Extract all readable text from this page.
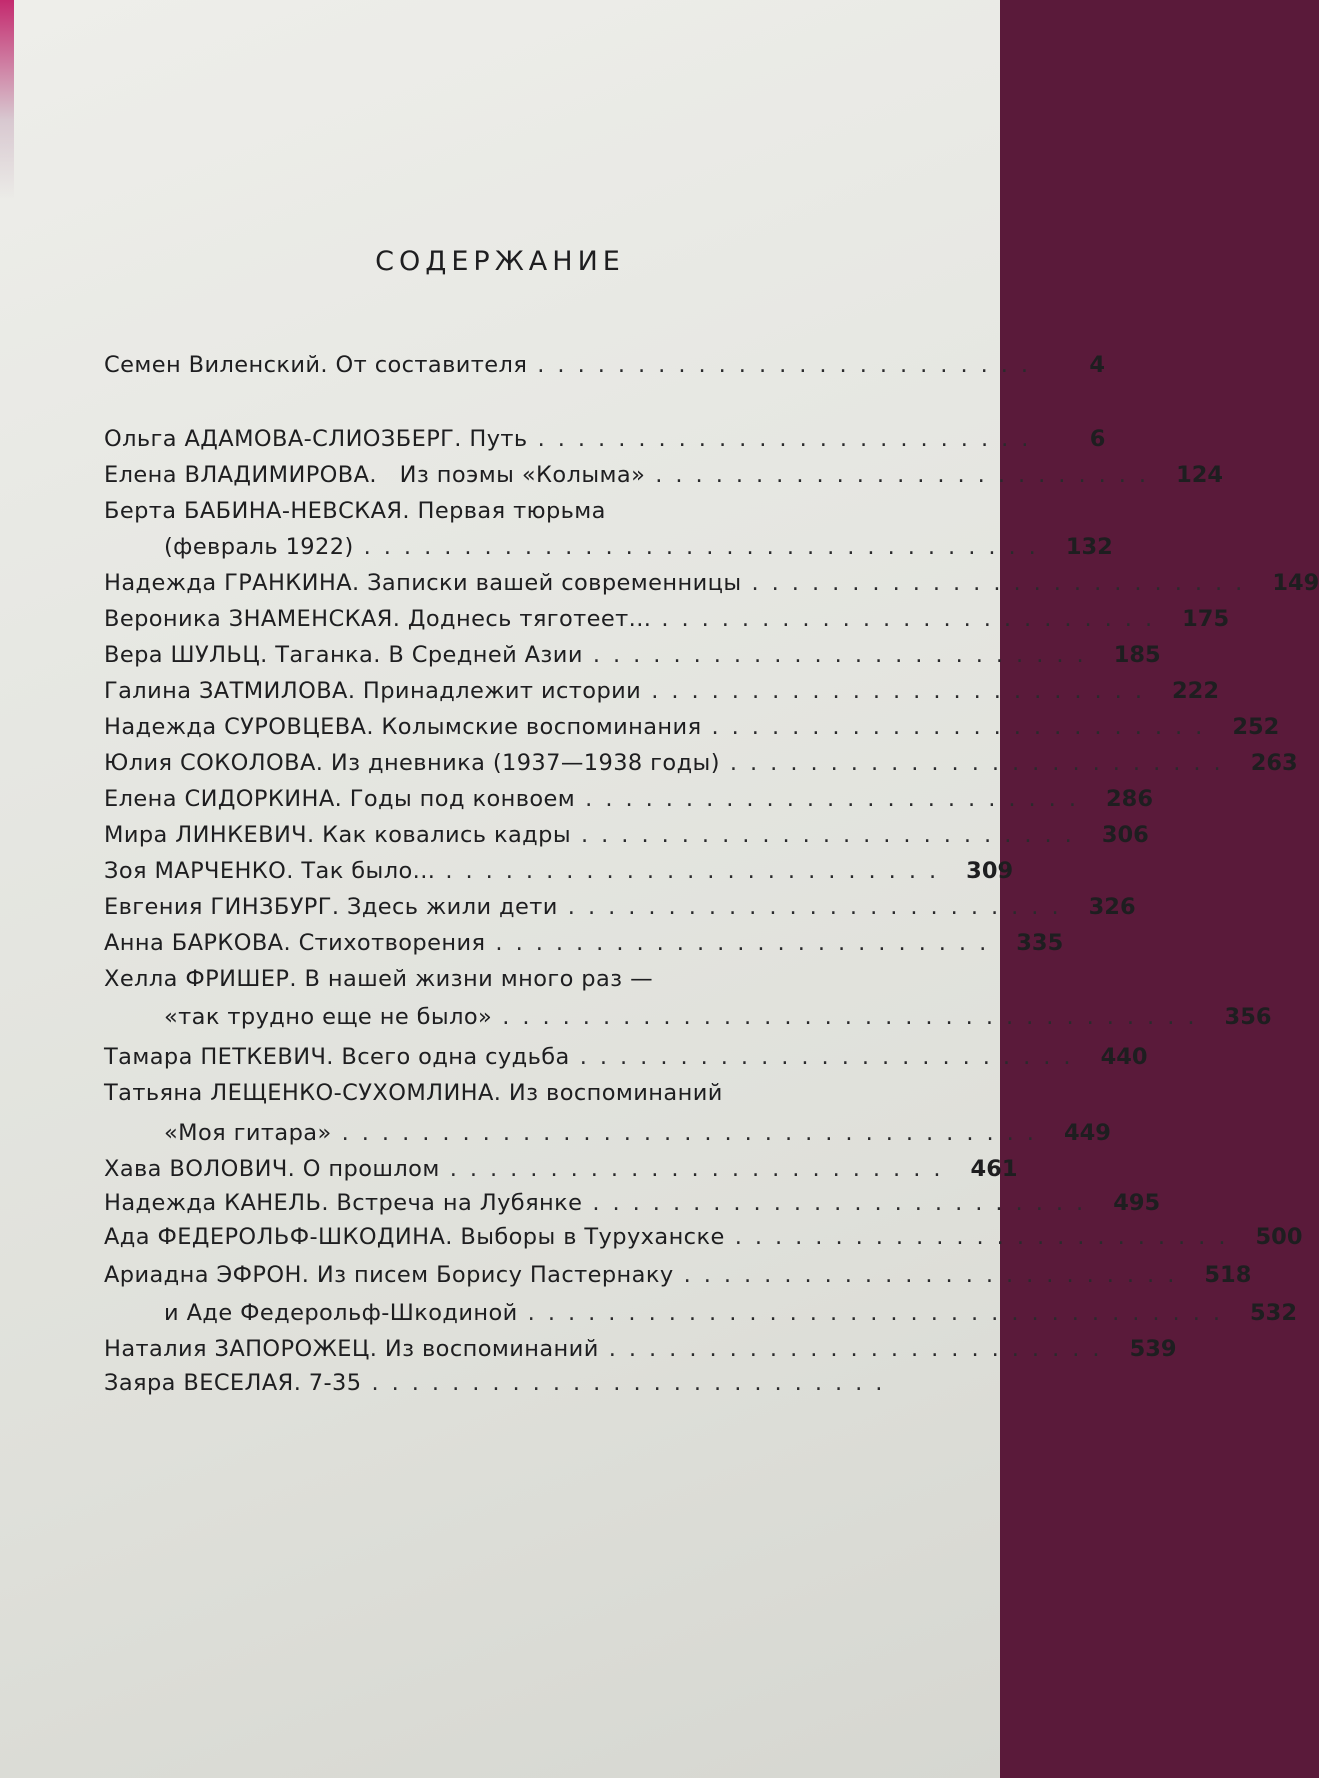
СОДЕРЖАНИЕ
Семен Виленский. От составителя .........................	4
Ольга АДАМОВА-СЛИОЗБЕРГ. Путь .........................	6
Елена ВЛАДИМИРОВА.   Из поэмы «Колыма» ......................... 124
Берта БАБИНА-НЕВСКАЯ. Первая тюрьма
(февраль 1922) .................................. 132
Надежда ГРАНКИНА. Записки вашей современницы ......................... 149
Вероника ЗНАМЕНСКАЯ. Доднесь тяготеет... ......................... 175
Вера ШУЛЬЦ. Таганка. В Средней Азии ......................... 185
Галина ЗАТМИЛОВА. Принадлежит истории ......................... 222
Надежда СУРОВЦЕВА. Колымские воспоминания ......................... 252
Юлия СОКОЛОВА. Из дневника (1937—1938 годы) ......................... 263
Елена СИДОРКИНА. Годы под конвоем ......................... 286
Мира ЛИНКЕВИЧ. Как ковались кадры ......................... 306
Зоя МАРЧЕНКО. Так было... ......................... 309
Евгения ГИНЗБУРГ. Здесь жили дети ......................... 326
Анна БАРКОВА. Стихотворения ......................... 335
Хелла ФРИШЕР. В нашей жизни много раз —
«так трудно еще не было» ................................... 356
Тамара ПЕТКЕВИЧ. Всего одна судьба ......................... 440
Татьяна ЛЕЩЕНКО-СУХОМЛИНА. Из воспоминаний
«Моя гитара» ................................... 449
Хава ВОЛОВИЧ. О прошлом ......................... 461
Надежда КАНЕЛЬ. Встреча на Лубянке ......................... 495
Ада ФЕДЕРОЛЬФ-ШКОДИНА. Выборы в Туруханске ......................... 500
Ариадна ЭФРОН. Из писем Борису Пастернаку ......................... 518
и Аде Федерольф-Шкодиной ................................... 532
Наталия ЗАПОРОЖЕЦ. Из воспоминаний ......................... 539
Заяра ВЕСЕЛАЯ. 7-35 ..........................
